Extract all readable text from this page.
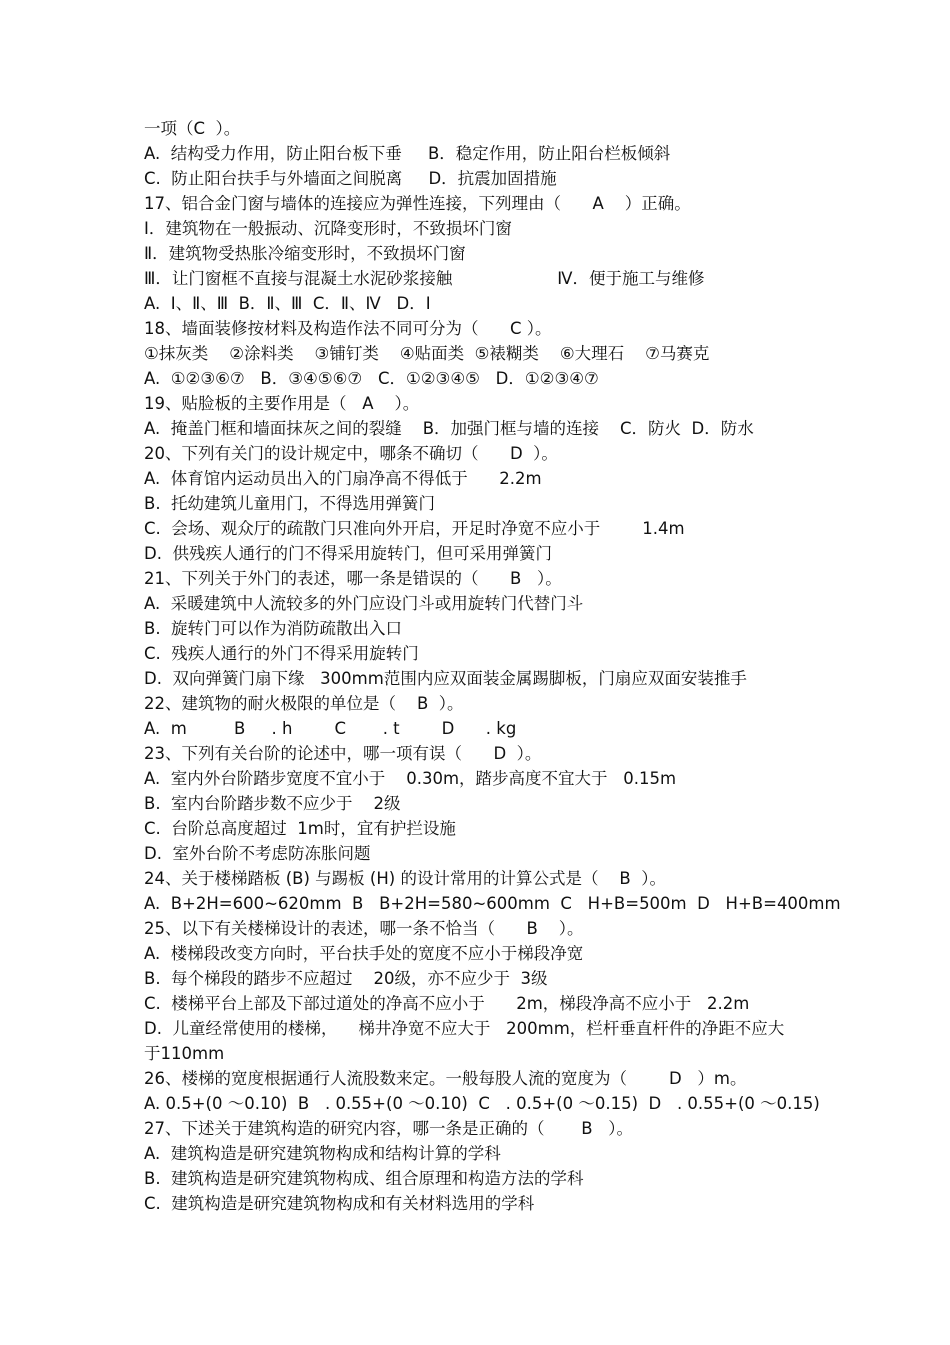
一项（C  ）。
A.  结构受力作用，防止阳台板下垂     B．稳定作用，防止阳台栏板倾斜
C.  防止阳台扶手与外墙面之间脱离     D．抗震加固措施
17、铝合金门窗与墙体的连接应为弹性连接，下列理由（      A    ）正确。
Ⅰ．建筑物在一般振动、沉降变形时，不致损坏门窗
Ⅱ．建筑物受热胀冷缩变形时，不致损坏门窗
Ⅲ．让门窗框不直接与混凝土水泥砂浆接触                    Ⅳ．便于施工与维修
A.  Ⅰ、Ⅱ、Ⅲ  B．Ⅱ、Ⅲ  C．Ⅱ、Ⅳ   D．Ⅰ
18、墙面装修按材料及构造作法不同可分为（      C ）。
①抹灰类    ②涂料类    ③铺钉类    ④贴面类  ⑤裱糊类    ⑥大理石    ⑦马赛克
A.  ①②③⑥⑦   B．③④⑤⑥⑦   C．①②③④⑤   D．①②③④⑦
19、贴脸板的主要作用是（   A    ）。
A.  掩盖门框和墙面抹灰之间的裂缝    B．加强门框与墙的连接    C．防火  D．防水
20、下列有关门的设计规定中，哪条不确切（      D  ）。
A.  体育馆内运动员出入的门扇净高不得低于      2.2m
B.  托幼建筑儿童用门，不得选用弹簧门
C.  会场、观众厅的疏散门只准向外开启，开足时净宽不应小于        1.4m
D.  供残疾人通行的门不得采用旋转门，但可采用弹簧门
21、下列关于外门的表述，哪一条是错误的（      B   ）。
A.  采暖建筑中人流较多的外门应设门斗或用旋转门代替门斗
B.  旋转门可以作为消防疏散出入口
C.  残疾人通行的外门不得采用旋转门
D.  双向弹簧门扇下缘   300mm范围内应双面装金属踢脚板，门扇应双面安装推手
22、建筑物的耐火极限的单位是（    B  ）。
A.  m         B     . h        C       . t        D      . kg
23、下列有关台阶的论述中，哪一项有误（      D  ）。
A.  室内外台阶踏步宽度不宜小于    0.30m，踏步高度不宜大于   0.15m
B.  室内台阶踏步数不应少于    2级
C.  台阶总高度超过  1m时，宜有护拦设施
D.  室外台阶不考虑防冻胀问题
24、关于楼梯踏板 (B) 与踢板 (H) 的设计常用的计算公式是（    B  ）。
A.  B+2H=600~620mm  B   B+2H=580~600mm  C   H+B=500m  D   H+B=400mm
25、以下有关楼梯设计的表述，哪一条不恰当（      B    ）。
A.  楼梯段改变方向时，平台扶手处的宽度不应小于梯段净宽
B.  每个梯段的踏步不应超过    20级，亦不应少于  3级
C.  楼梯平台上部及下部过道处的净高不应小于      2m，梯段净高不应小于   2.2m
D.  儿童经常使用的楼梯，    梯井净宽不应大于   200mm，栏杆垂直杆件的净距不应大
于110mm
26、楼梯的宽度根据通行人流股数来定。一般每股人流的宽度为（        D   ）m。
A. 0.5+(0 ～0.10)  B   . 0.55+(0 ～0.10)  C   . 0.5+(0 ～0.15)  D   . 0.55+(0 ～0.15)
27、下述关于建筑构造的研究内容，哪一条是正确的（       B   ）。
A.  建筑构造是研究建筑物构成和结构计算的学科
B.  建筑构造是研究建筑物构成、组合原理和构造方法的学科
C.  建筑构造是研究建筑物构成和有关材料选用的学科
